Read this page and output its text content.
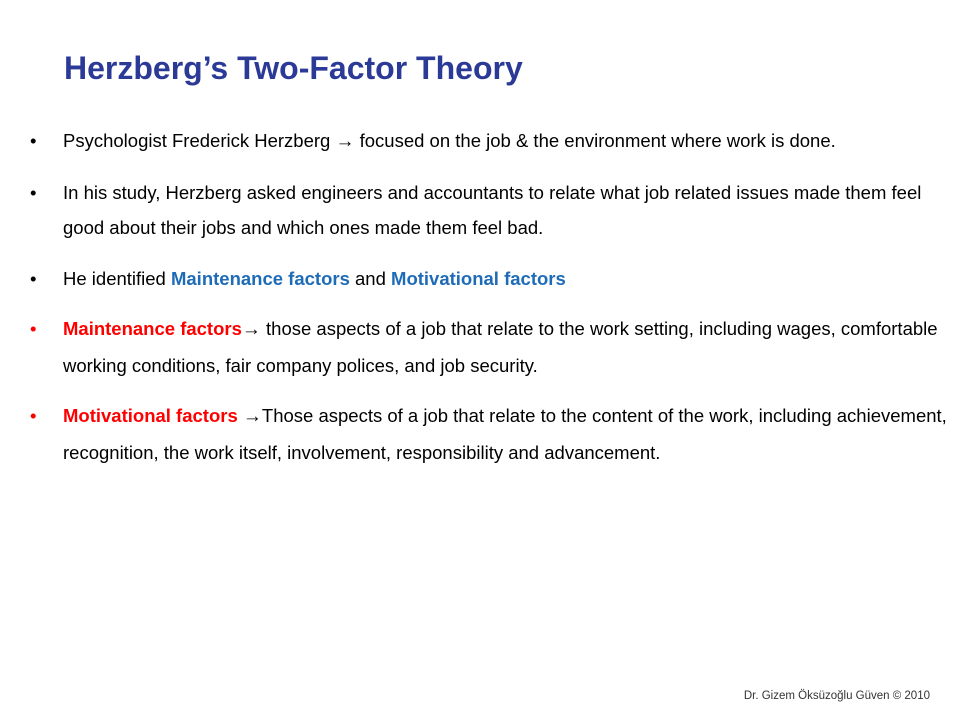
Herzberg’s Two-Factor Theory
•	Psychologist Frederick Herzberg → focused on the job & the environment where work is done.
•	In his study, Herzberg asked engineers and accountants to relate what job related issues made them feel good about their jobs and which ones made them feel bad.
•	He identified Maintenance factors and Motivational factors
•	Maintenance factors→ those aspects of a job that relate to the work setting, including wages, comfortable working conditions, fair company polices, and job security.
•	Motivational factors →Those aspects of a job that relate to the content of the work, including achievement, recognition, the work itself, involvement, responsibility and advancement.
Dr. Gizem Öksüzoğlu Güven © 2010
